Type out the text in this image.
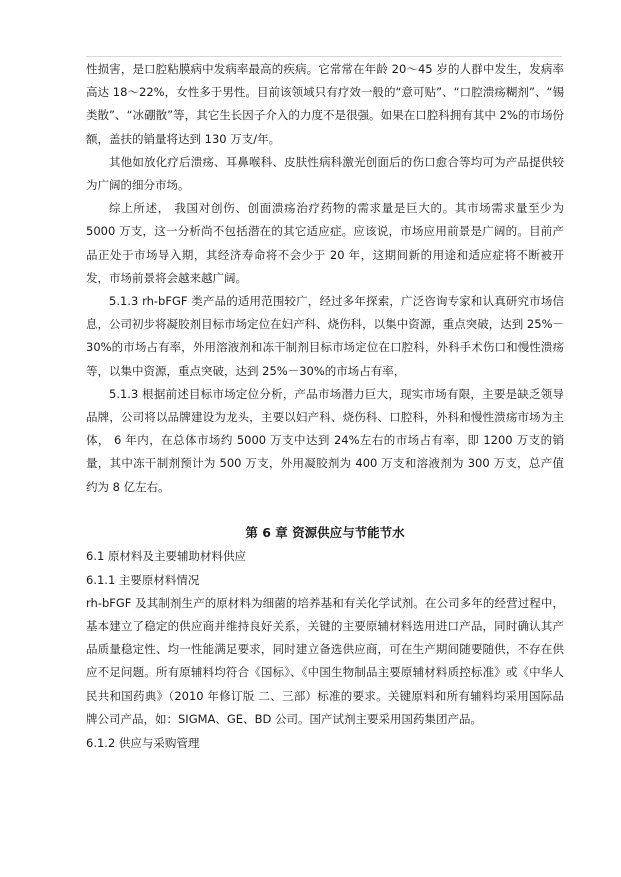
性损害，是口腔粘膜病中发病率最高的疾病。它常常在年龄 20～45 岁的人群中发生，发病率高达 18～22%，女性多于男性。目前该领域只有疗效一般的“意可贴”、“口腔溃疡糊剂”、“锡类散”、“冰硼散”等，其它生长因子介入的力度不是很强。如果在口腔科拥有其中 2%的市场份额，盖扶的销量将达到 130 万支/年。

其他如放化疗后溃疡、耳鼻喉科、皮肤性病科激光创面后的伤口愈合等均可为产品提供较为广阔的细分市场。

综上所述， 我国对创伤、创面溃疡治疗药物的需求量是巨大的。其市场需求量至少为 5000 万支，这一分析尚不包括潜在的其它适应症。应该说，市场应用前景是广阔的。目前产品正处于市场导入期，其经济寿命将不会少于 20 年，这期间新的用途和适应症将不断被开发，市场前景将会越来越广阔。

5.1.3 rh-bFGF 类产品的适用范围较广，经过多年探索，广泛咨询专家和认真研究市场信息，公司初步将凝胶剂目标市场定位在妇产科、烧伤科，以集中资源，重点突破，达到 25%－30%的市场占有率，外用溶液剂和冻干制剂目标市场定位在口腔科，外科手术伤口和慢性溃疡等，以集中资源，重点突破，达到 25%－30%的市场占有率，

5.1.3 根据前述目标市场定位分析，产品市场潜力巨大，现实市场有限，主要是缺乏领导品牌，公司将以品牌建设为龙头，主要以妇产科、烧伤科、口腔科，外科和慢性溃疡市场为主体， 6 年内，在总体市场约 5000 万支中达到 24%左右的市场占有率，即 1200 万支的销量，其中冻干制剂预计为 500 万支，外用凝胶剂为 400 万支和溶液剂为 300 万支，总产值约为 8 亿左右。

第 6 章 资源供应与节能节水

6.1 原材料及主要辅助材料供应

6.1.1 主要原材料情况

rh-bFGF 及其制剂生产的原材料为细菌的培养基和有关化学试剂。在公司多年的经营过程中，基本建立了稳定的供应商并维持良好关系，关键的主要原辅材料选用进口产品，同时确认其产品质量稳定性、均一性能满足要求，同时建立备选供应商，可在生产期间随要随供，不存在供应不足问题。所有原辅料均符合《国标》、《中国生物制品主要原辅材料质控标准》或《中华人民共和国药典》（2010 年修订版 二、三部）标准的要求。关键原料和所有辅料均采用国际品牌公司产品，如：SIGMA、GE、BD 公司。国产试剂主要采用国药集团产品。

6.1.2 供应与采购管理
